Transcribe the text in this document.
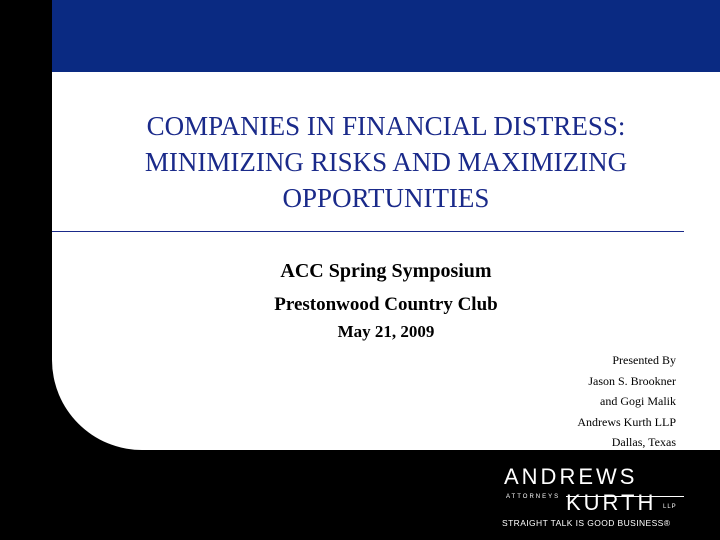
COMPANIES IN FINANCIAL DISTRESS:
MINIMIZING RISKS AND MAXIMIZING
OPPORTUNITIES
ACC Spring Symposium
Prestonwood Country Club
May 21, 2009
Presented By
Jason S. Brookner
and Gogi Malik
Andrews Kurth LLP
Dallas, Texas
ANDREWS
ATTORNEYS KURTH LLP
STRAIGHT TALK IS GOOD BUSINESS®
